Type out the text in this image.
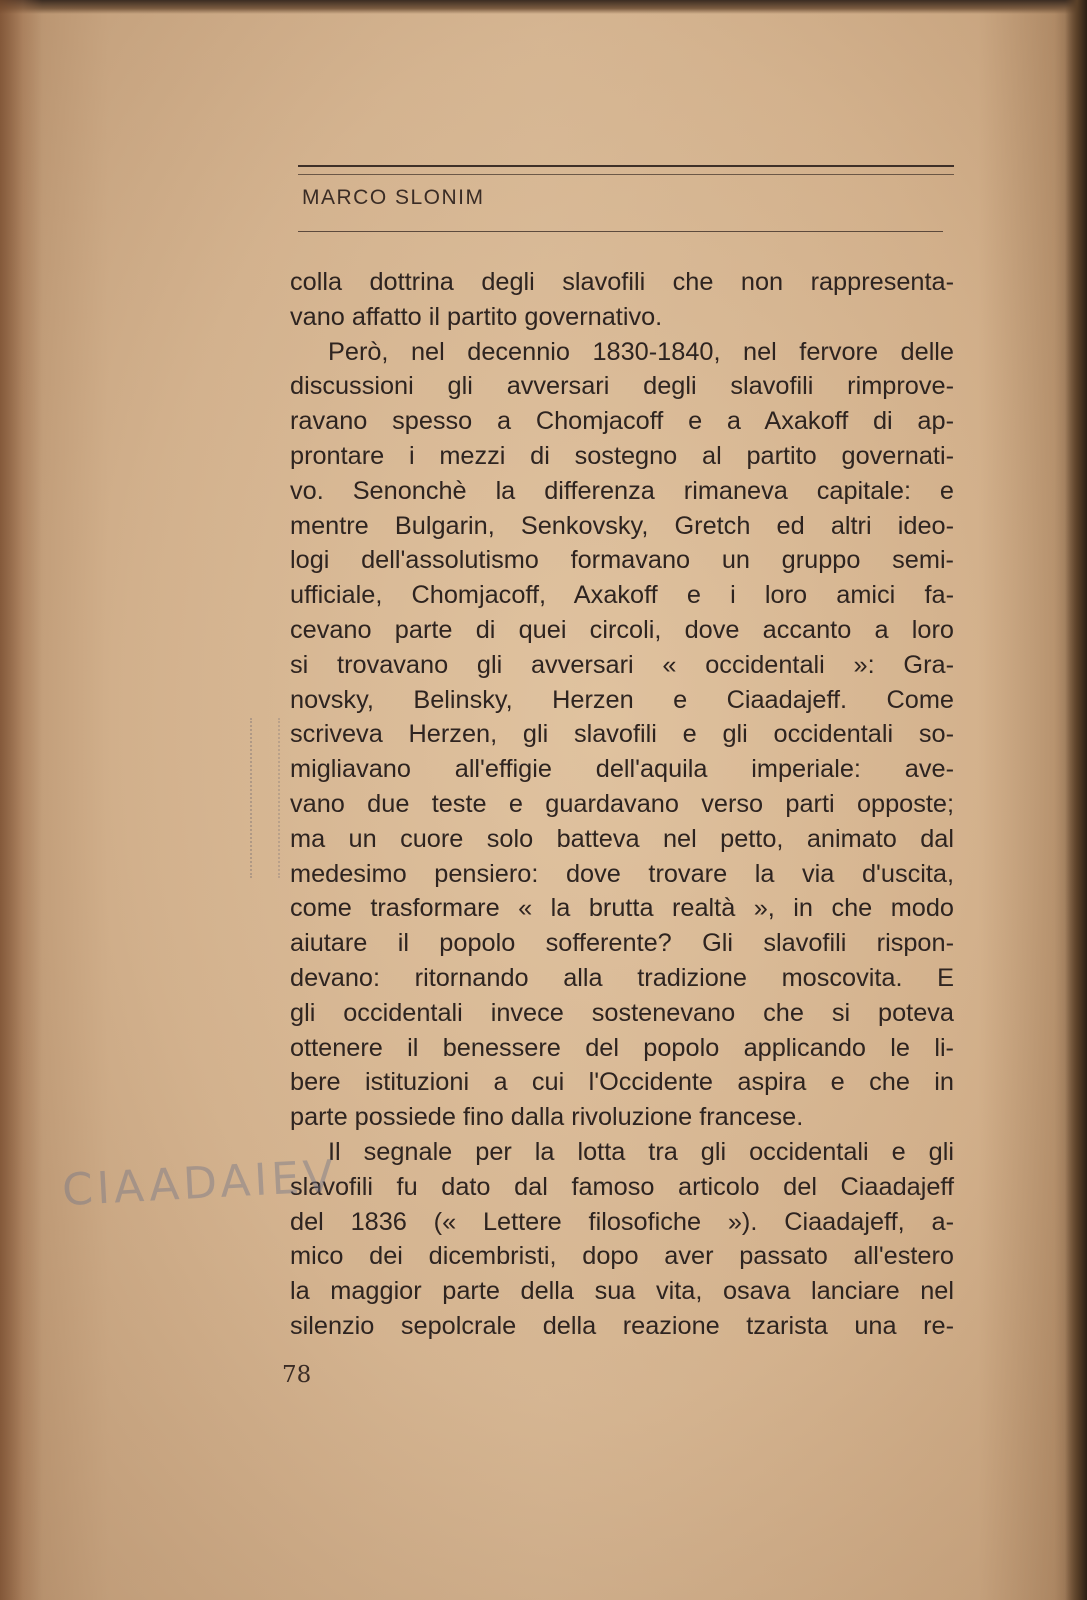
MARCO SLONIM
colla dottrina degli slavofili che non rappresenta-
vano affatto il partito governativo.
Però, nel decennio 1830-1840, nel fervore delle
discussioni gli avversari degli slavofili rimprove-
ravano spesso a Chomjacoff e a Axakoff di ap-
prontare i mezzi di sostegno al partito governati-
vo. Senonchè la differenza rimaneva capitale: e
mentre Bulgarin, Senkovsky, Gretch ed altri ideo-
logi dell'assolutismo formavano un gruppo semi-
ufficiale, Chomjacoff, Axakoff e i loro amici fa-
cevano parte di quei circoli, dove accanto a loro
si trovavano gli avversari « occidentali »: Gra-
novsky, Belinsky, Herzen e Ciaadajeff. Come
scriveva Herzen, gli slavofili e gli occidentali so-
migliavano all'effigie dell'aquila imperiale: ave-
vano due teste e guardavano verso parti opposte;
ma un cuore solo batteva nel petto, animato dal
medesimo pensiero: dove trovare la via d'uscita,
come trasformare « la brutta realtà », in che modo
aiutare il popolo sofferente? Gli slavofili rispon-
devano: ritornando alla tradizione moscovita. E
gli occidentali invece sostenevano che si poteva
ottenere il benessere del popolo applicando le li-
bere istituzioni a cui l'Occidente aspira e che in
parte possiede fino dalla rivoluzione francese.
Il segnale per la lotta tra gli occidentali e gli
slavofili fu dato dal famoso articolo del Ciaadajeff
del 1836 (« Lettere filosofiche »). Ciaadajeff, a-
mico dei dicembristi, dopo aver passato all'estero
la maggior parte della sua vita, osava lanciare nel
silenzio sepolcrale della reazione tzarista una re-
CIAADAIEV
78
